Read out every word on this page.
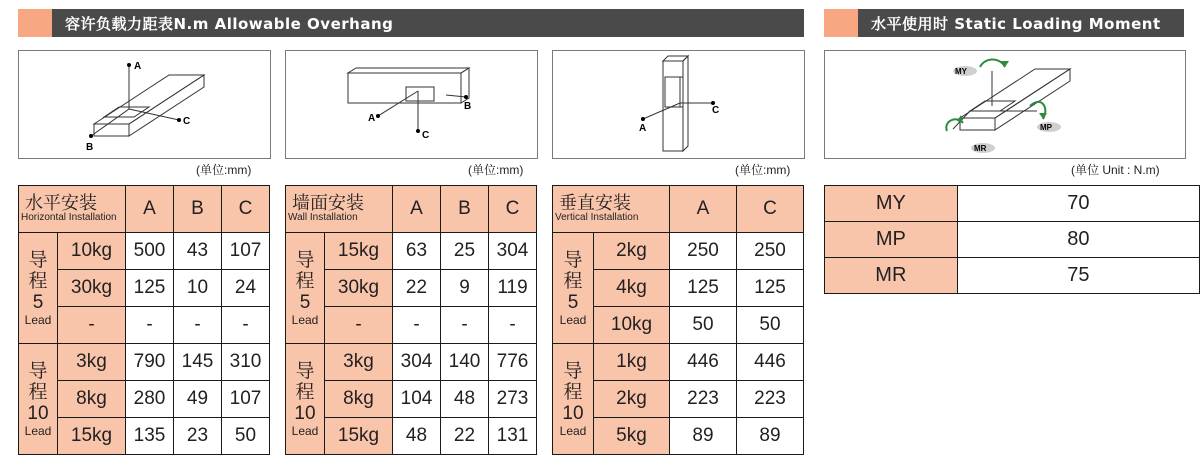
容许负载力距表N.m Allowable Overhang	水平使用时 Static Loading Moment
A
C
B
(单位:mm)
C
A
B
(单位:mm)
C
A
(单位:mm)
MY
MP
MR
(单位 Unit : N.m)
水平安装
Horizontal Installation		A	B	C

导
程
5
Lead	10kg	500	43	107
	30kg	125	10	24
	-	-	-	-

导
程
10
Lead	3kg	790	145	310
	8kg	280	49	107
	15kg	135	23	50
墙面安装
Wall Installation		A	B	C

导
程
5
Lead	15kg	63	25	304
	30kg	22	9	119
	-	-	-	-

导
程
10
Lead	3kg	304	140	776
	8kg	104	48	273
	15kg	48	22	131
垂直安装
Vertical Installation		A	C

导
程
5
Lead	2kg	250	250
	4kg	125	125
	10kg	50	50

导
程
10
Lead	1kg	446	446
	2kg	223	223
	5kg	89	89
MY	70
MP	80
MR	75
